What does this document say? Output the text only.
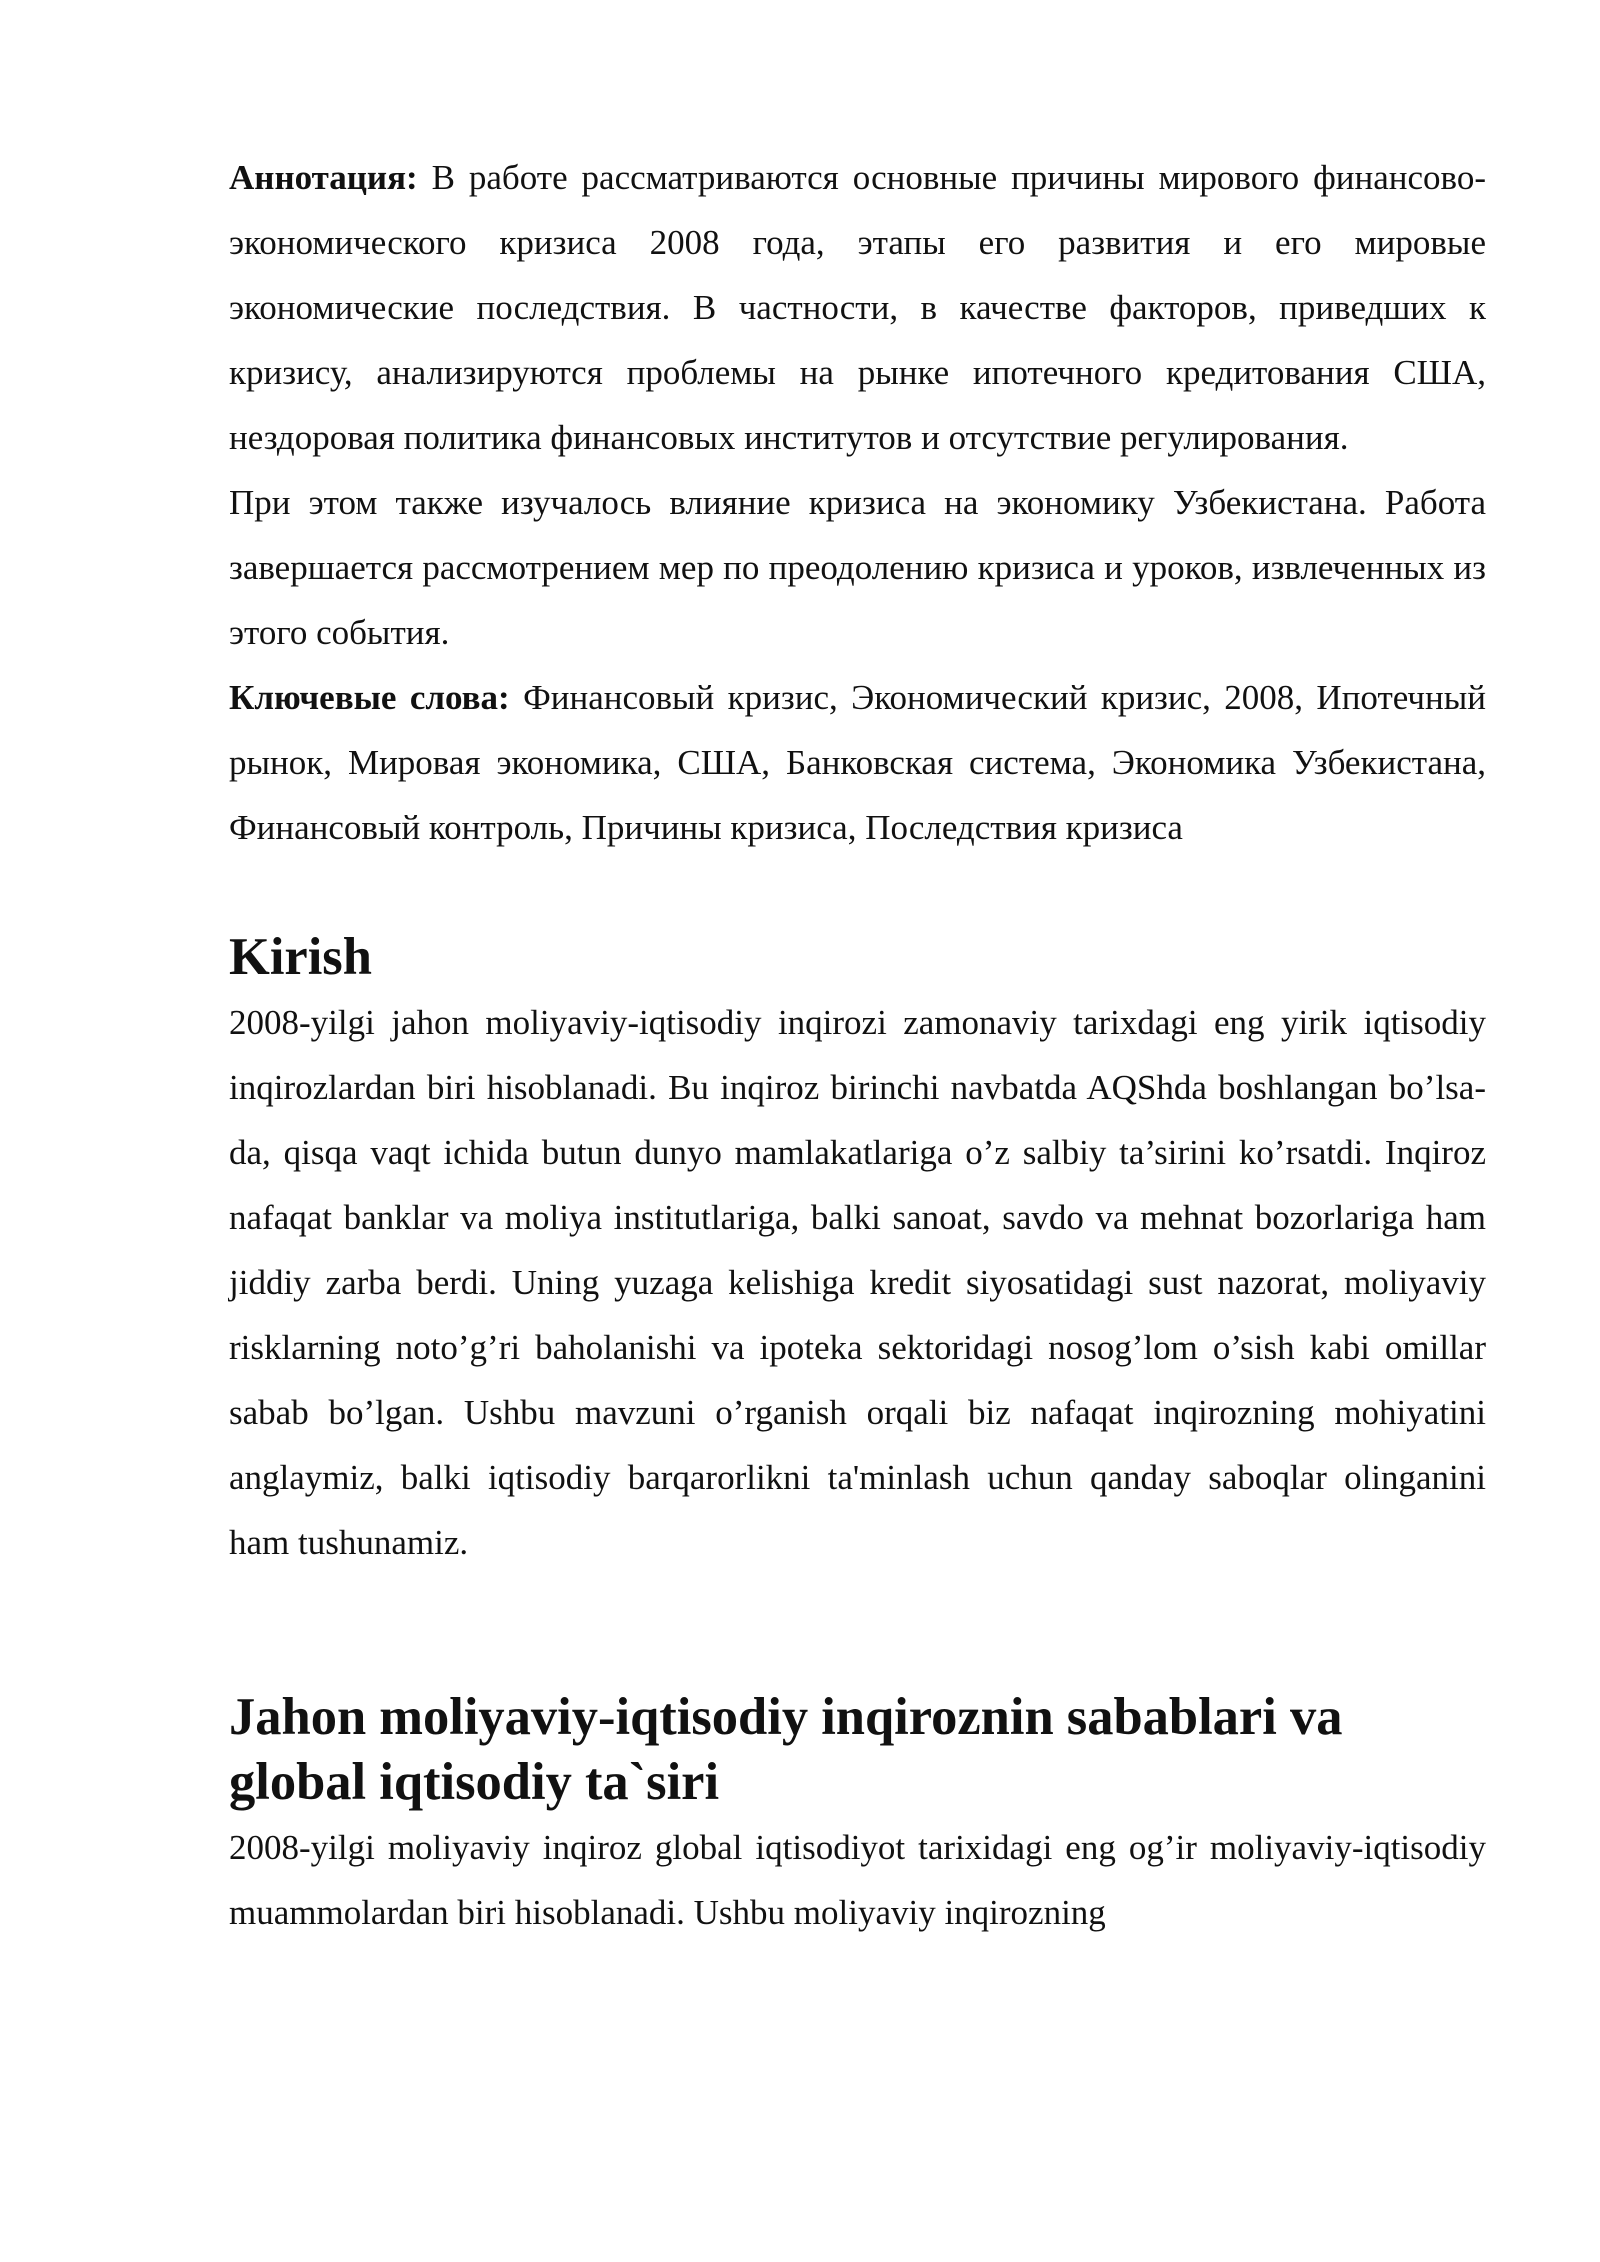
Аннотация: В работе рассматриваются основные причины мирового финансово-экономического кризиса 2008 года, этапы его развития и его мировые экономические последствия. В частности, в качестве факторов, приведших к кризису, анализируются проблемы на рынке ипотечного кредитования США, нездоровая политика финансовых институтов и отсутствие регулирования.

При этом также изучалось влияние кризиса на экономику Узбекистана. Работа завершается рассмотрением мер по преодолению кризиса и уроков, извлеченных из этого события.

Ключевые слова: Финансовый кризис, Экономический кризис, 2008, Ипотечный рынок, Мировая экономика, США, Банковская система, Экономика Узбекистана, Финансовый контроль, Причины кризиса, Последствия кризиса

Kirish

2008-yilgi jahon moliyaviy-iqtisodiy inqirozi zamonaviy tarixdagi eng yirik iqtisodiy inqirozlardan biri hisoblanadi. Bu inqiroz birinchi navbatda AQShda boshlangan bo’lsa-da, qisqa vaqt ichida butun dunyo mamlakatlariga o’z salbiy ta’sirini ko’rsatdi. Inqiroz nafaqat banklar va moliya institutlariga, balki sanoat, savdo va mehnat bozorlariga ham jiddiy zarba berdi. Uning yuzaga kelishiga kredit siyosatidagi sust nazorat, moliyaviy risklarning noto’g’ri baholanishi va ipoteka sektoridagi nosog’lom o’sish kabi omillar sabab bo’lgan. Ushbu mavzuni o’rganish orqali biz nafaqat inqirozning mohiyatini anglaymiz, balki iqtisodiy barqarorlikni ta'minlash uchun qanday saboqlar olinganini ham tushunamiz.

Jahon moliyaviy-iqtisodiy inqiroznin sabablari va global iqtisodiy ta`siri

2008-yilgi moliyaviy inqiroz global iqtisodiyot tarixidagi eng og’ir moliyaviy-iqtisodiy muammolardan biri hisoblanadi. Ushbu moliyaviy inqirozning
